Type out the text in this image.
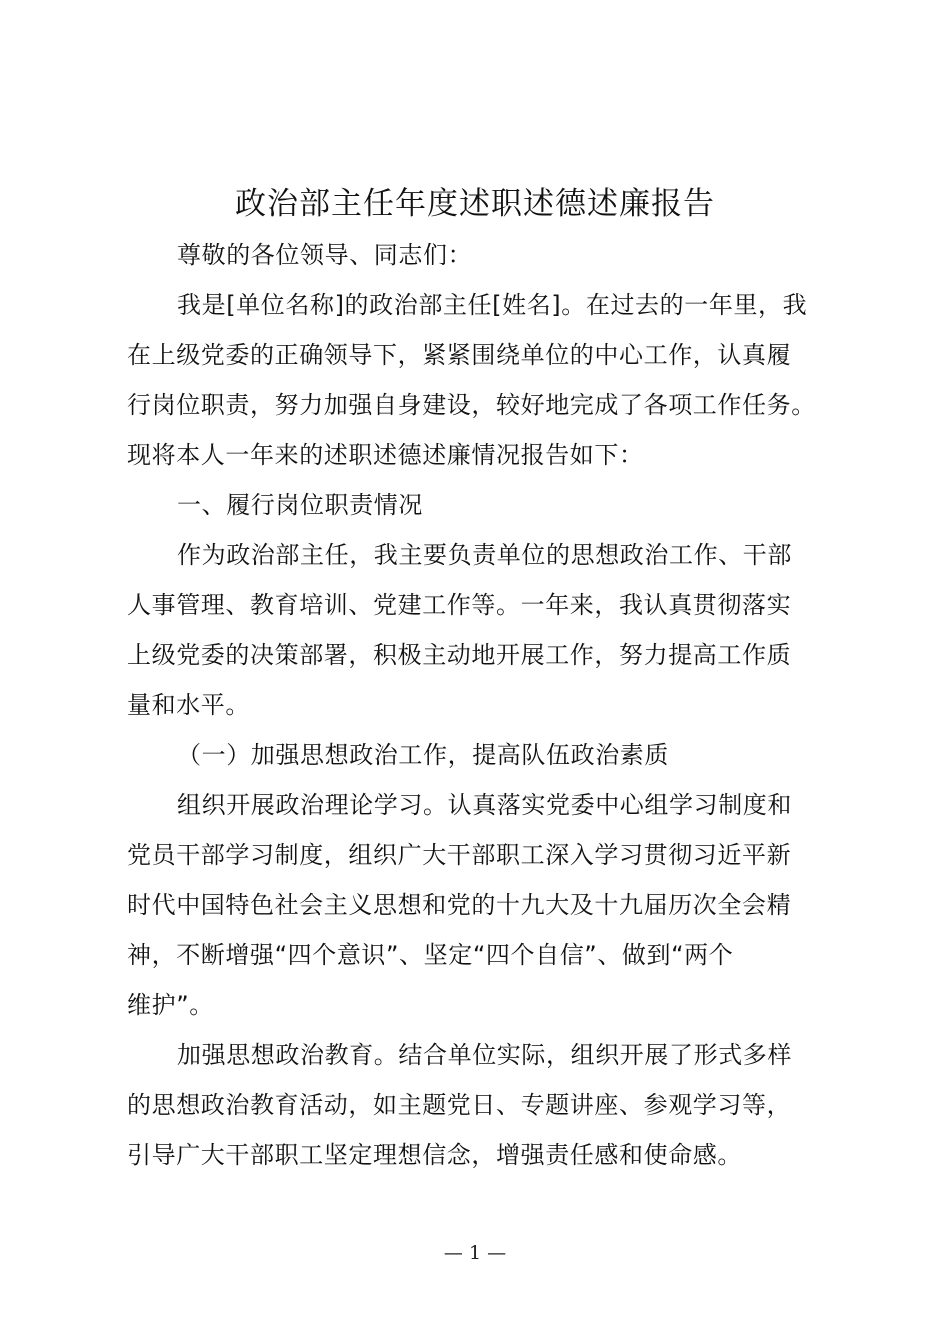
政治部主任年度述职述德述廉报告
尊敬的各位领导、同志们：
我是[单位名称]的政治部主任[姓名]。在过去的一年里，我
在上级党委的正确领导下，紧紧围绕单位的中心工作，认真履
行岗位职责，努力加强自身建设，较好地完成了各项工作任务。
现将本人一年来的述职述德述廉情况报告如下：
一、履行岗位职责情况
作为政治部主任，我主要负责单位的思想政治工作、干部
人事管理、教育培训、党建工作等。一年来，我认真贯彻落实
上级党委的决策部署，积极主动地开展工作，努力提高工作质
量和水平。
（一）加强思想政治工作，提高队伍政治素质
组织开展政治理论学习。认真落实党委中心组学习制度和
党员干部学习制度，组织广大干部职工深入学习贯彻习近平新
时代中国特色社会主义思想和党的十九大及十九届历次全会精
神，不断增强“四个意识”、坚定“四个自信”、做到“两个
维护”。
加强思想政治教育。结合单位实际，组织开展了形式多样
的思想政治教育活动，如主题党日、专题讲座、参观学习等，
引导广大干部职工坚定理想信念，增强责任感和使命感。
— 1 —
